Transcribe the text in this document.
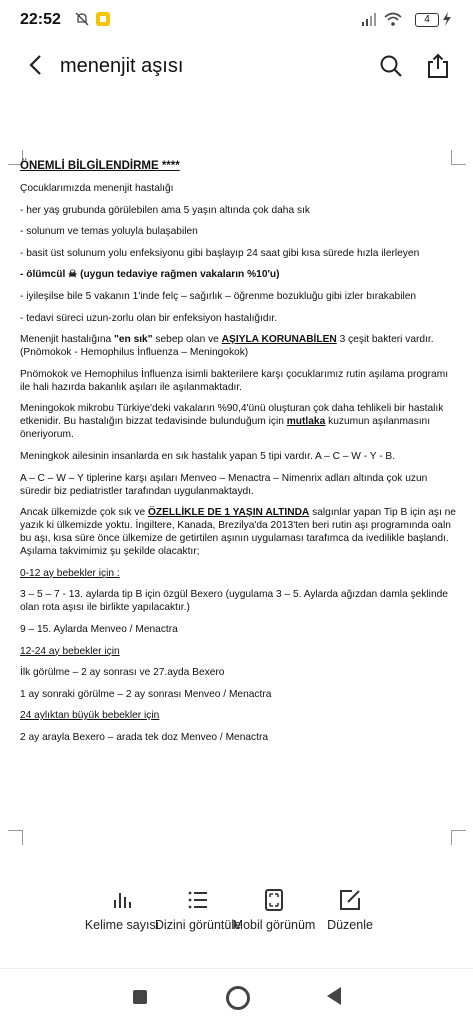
22:52	4
menenjit aşısı

ÖNEMLİ BİLGİLENDİRME ****

Çocuklarımızda menenjit hastalığı

- her yaş grubunda görülebilen ama 5 yaşın altında çok daha sık

- solunum ve temas yoluyla bulaşabilen

- basit üst solunum yolu enfeksiyonu gibi başlayıp 24 saat gibi kısa sürede hızla ilerleyen

- ölümcül ☠ (uygun tedaviye rağmen vakaların %10'u)

- iyileşilse bile 5 vakanın 1'inde felç – sağırlık – öğrenme bozukluğu gibi izler bırakabilen

- tedavi süreci uzun-zorlu olan bir enfeksiyon hastalığıdır.

Menenjit hastalığına "en sık" sebep olan ve AŞIYLA KORUNABİLEN 3 çeşit bakteri vardır. (Pnömokok - Hemophilus İnfluenza – Meningokok)

Pnömokok ve Hemophilus İnfluenza isimli bakterilere karşı çocuklarımız rutin aşılama programı ile hali hazırda bakanlık aşıları ile aşılanmaktadır.

Meningokok mikrobu Türkiye'deki vakaların %90,4'ünü oluşturan çok daha tehlikeli bir hastalık etkenidir. Bu hastalığın bizzat tedavisinde bulunduğum için mutlaka kuzumun aşılanmasını öneriyorum.

Meningkok ailesinin insanlarda en sık hastalık yapan 5 tipi vardır. A – C – W - Y - B.

A – C – W – Y tiplerine karşı aşıları Menveo – Menactra – Nimenrix adları altında çok uzun süredir biz pediatristler tarafından uygulanmaktaydı.

Ancak ülkemizde çok sık ve ÖZELLİKLE DE 1 YAŞIN ALTINDA salgınlar yapan Tip B için aşı ne yazık ki ülkemizde yoktu. İngiltere, Kanada, Brezilya'da 2013'ten beri rutin aşı programında oaln bu aşı, kısa süre önce ülkemize de getirtilen aşının uygulaması tarafımca da ivedilikle başlandı. Aşılama takvimimiz şu şekilde olacaktır;

0-12 ay bebekler için :

3 – 5 – 7 - 13. aylarda tip B için özgül Bexero (uygulama 3 – 5. Aylarda ağızdan damla şeklinde olan rota aşısı ile birlikte yapılacaktır.)

9 – 15. Aylarda Menveo / Menactra

12-24 ay bebekler için

İlk görülme – 2 ay sonrası ve 27.ayda Bexero

1 ay sonraki görülme – 2 ay sonrası Menveo / Menactra

24 aylıktan büyük bebekler için

2 ay arayla Bexero – arada tek doz Menveo / Menactra

Kelime sayısı
Dizini görüntüle
Mobil görünüm Düzenle
